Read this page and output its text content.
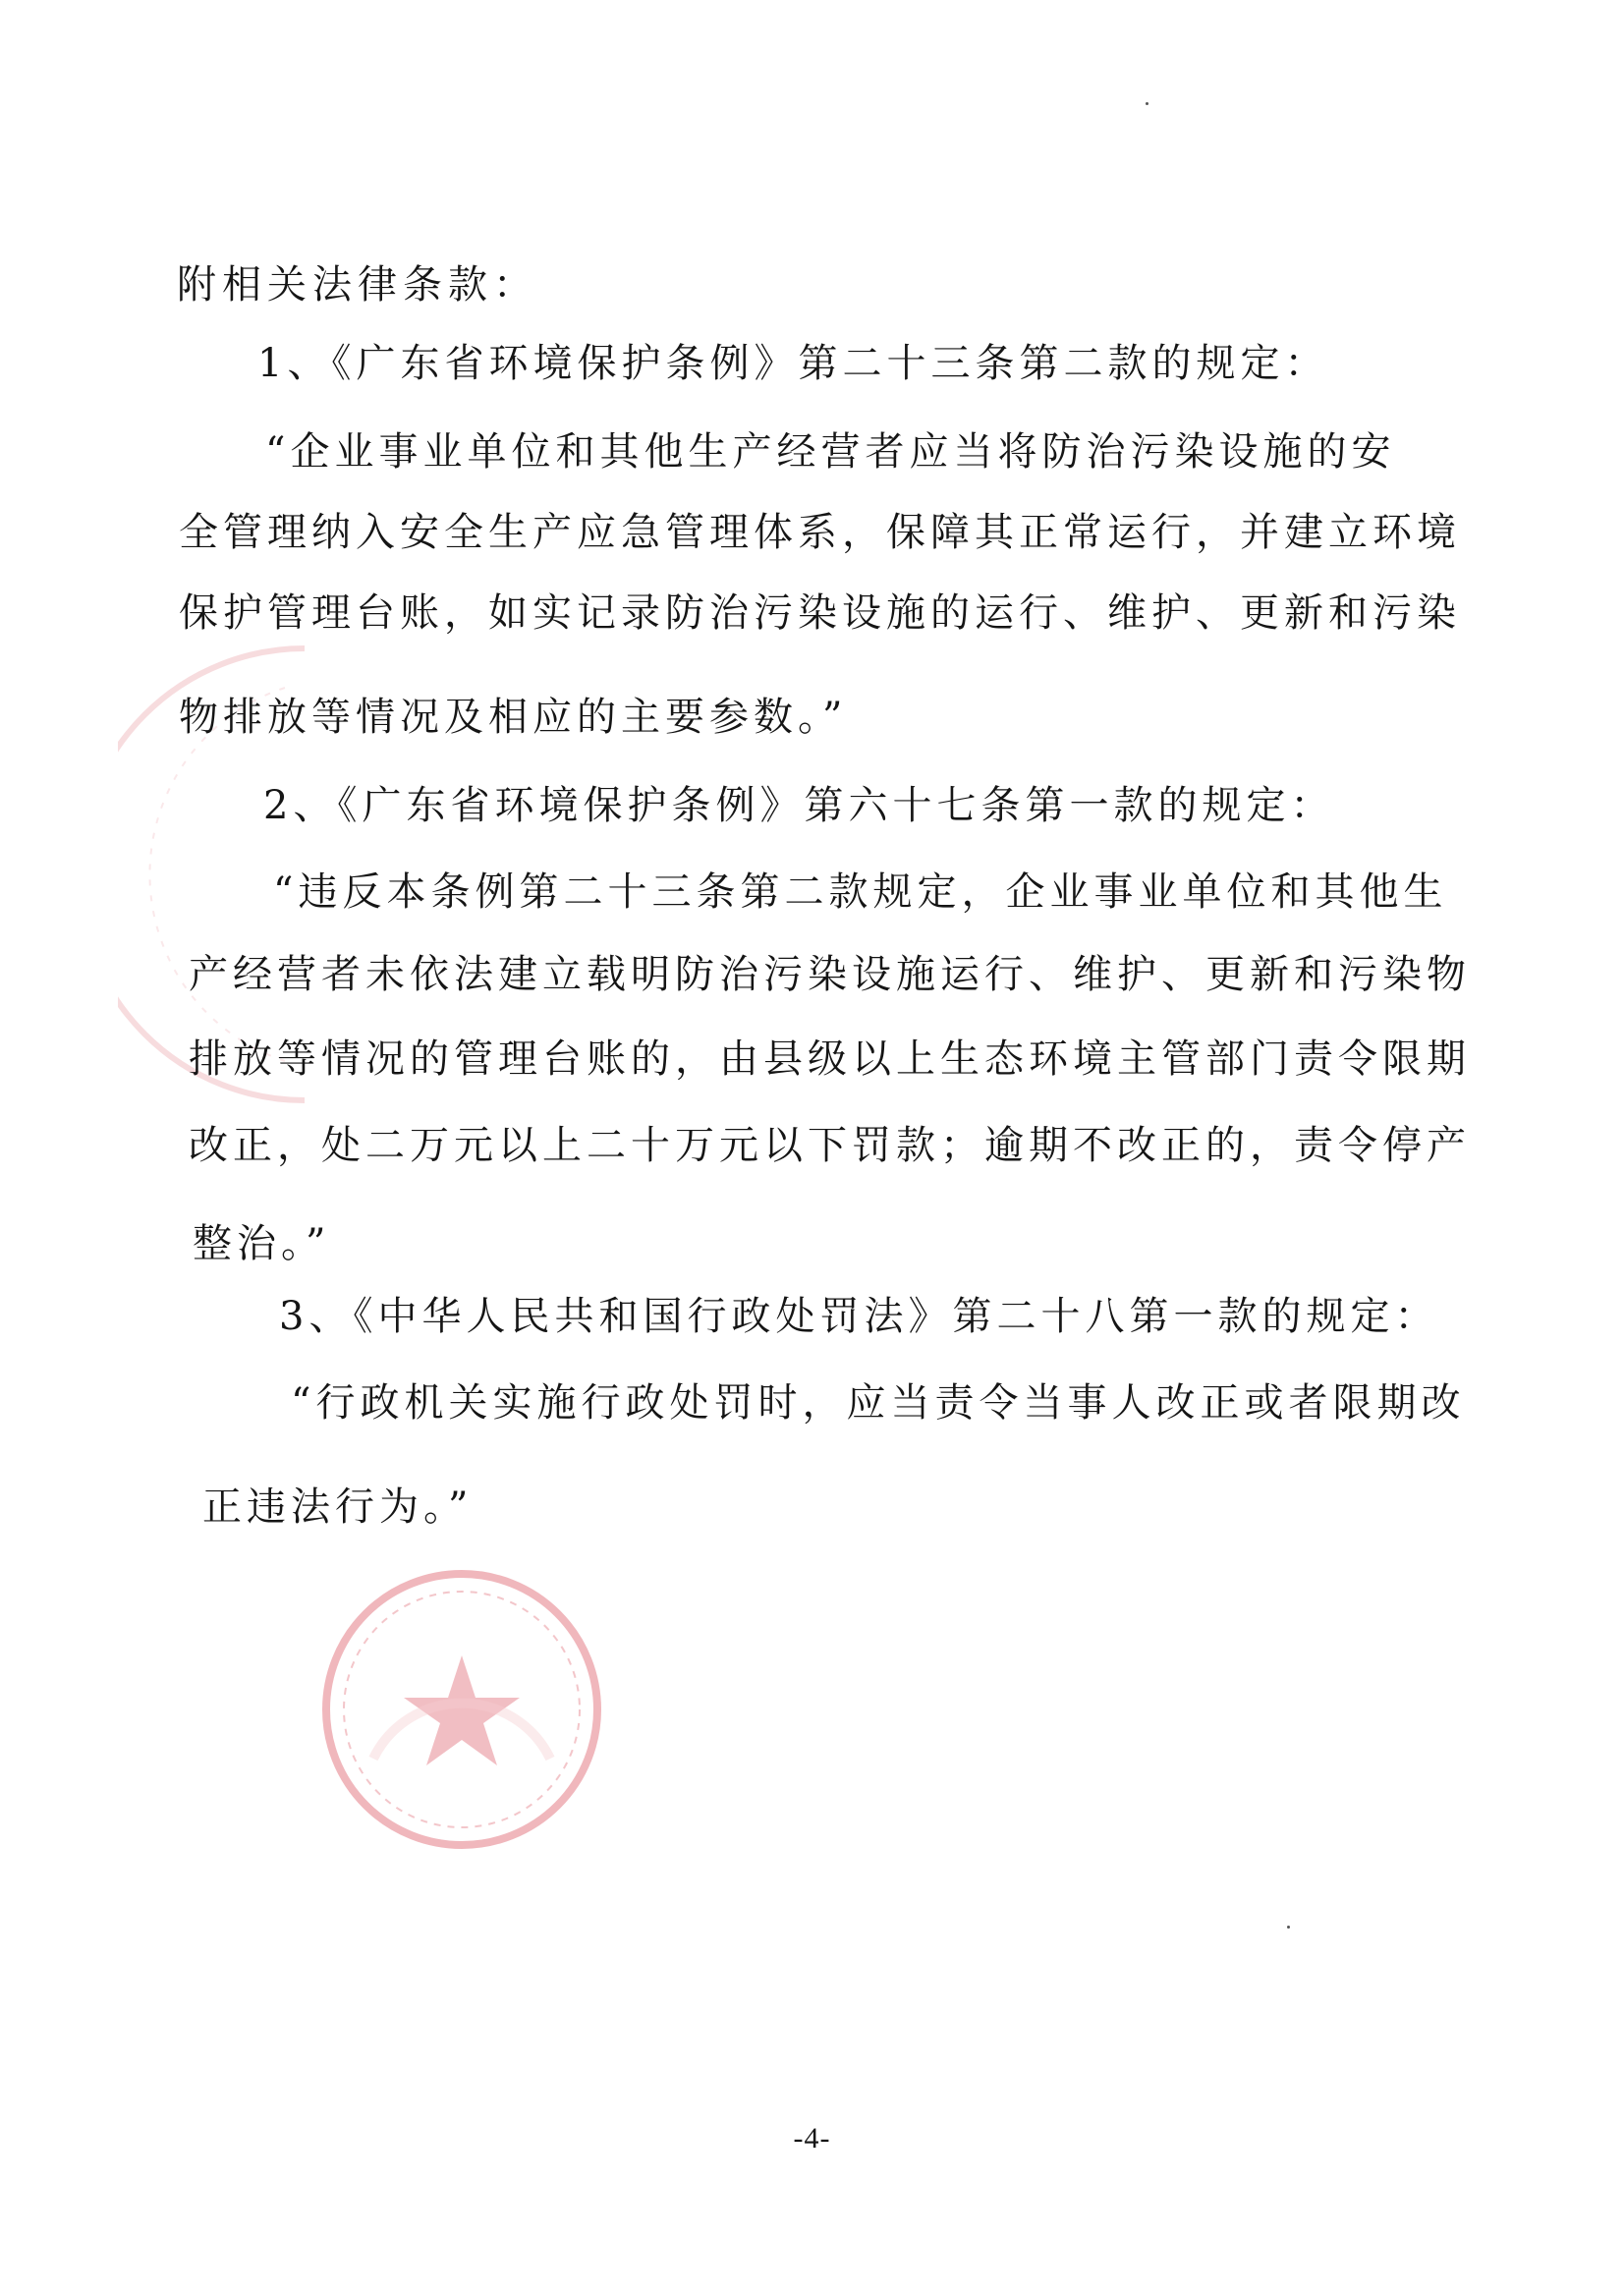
附相关法律条款：
1、《广东省环境保护条例》第二十三条第二款的规定：
“企业事业单位和其他生产经营者应当将防治污染设施的安
全管理纳入安全生产应急管理体系，保障其正常运行，并建立环境
保护管理台账，如实记录防治污染设施的运行、维护、更新和污染
物排放等情况及相应的主要参数。”
2、《广东省环境保护条例》第六十七条第一款的规定：
“违反本条例第二十三条第二款规定，企业事业单位和其他生
产经营者未依法建立载明防治污染设施运行、维护、更新和污染物
排放等情况的管理台账的，由县级以上生态环境主管部门责令限期
改正，处二万元以上二十万元以下罚款；逾期不改正的，责令停产
整治。”
3、《中华人民共和国行政处罚法》第二十八第一款的规定：
“行政机关实施行政处罚时，应当责令当事人改正或者限期改
正违法行为。”
-4-
